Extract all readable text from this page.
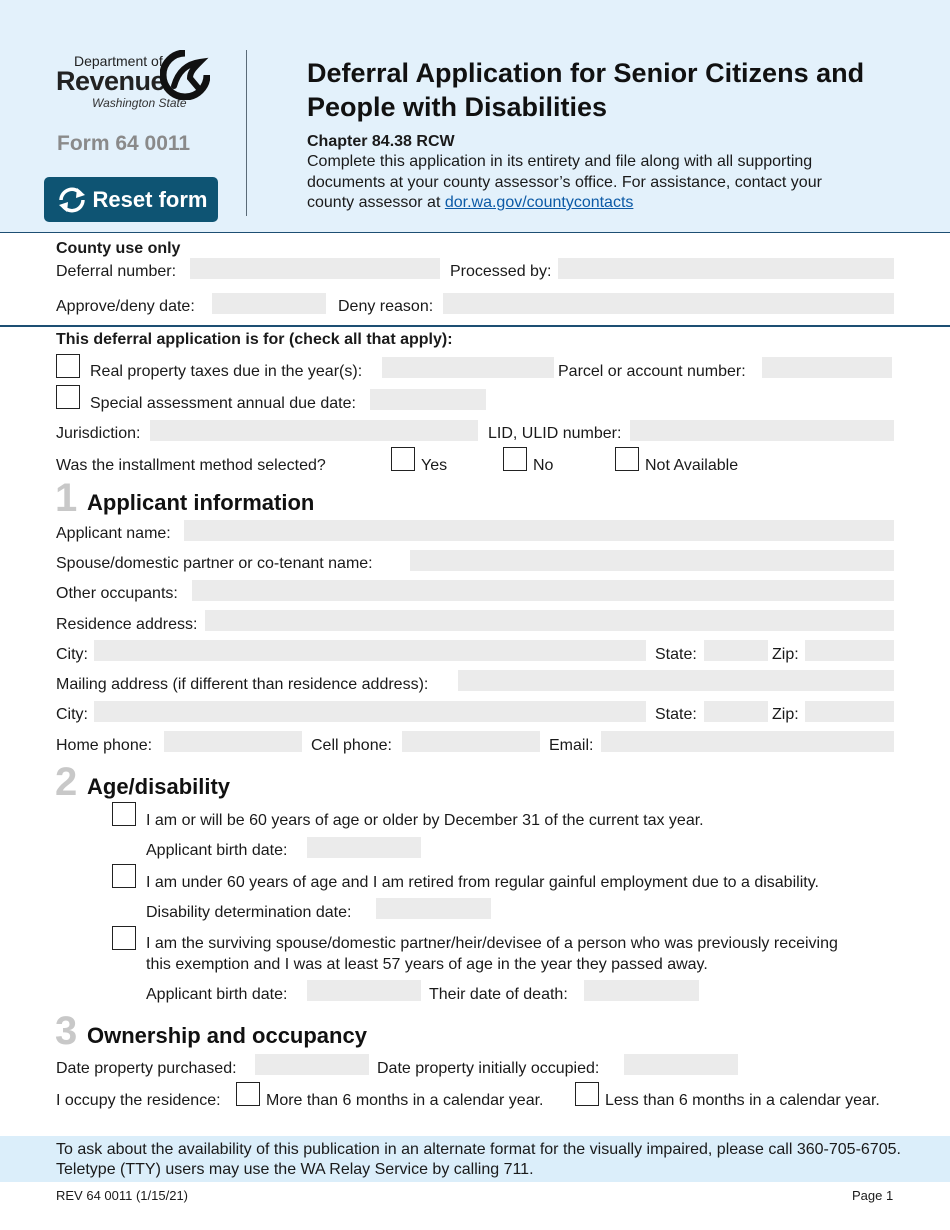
Department of
Revenue
Washington State
Form 64 0011
Reset form
Deferral Application for Senior Citizens and People with Disabilities
Chapter 84.38 RCW
Complete this application in its entirety and file along with all supporting documents at your county assessor’s office. For assistance, contact your county assessor at dor.wa.gov/countycontacts
County use only
Deferral number:	Processed by:
Approve/deny date:	Deny reason:
This deferral application is for (check all that apply):
Real property taxes due in the year(s):	Parcel or account number:
Special assessment annual due date:
Jurisdiction:	LID, ULID number:
Was the installment method selected?	Yes	No	Not Available
1 Applicant information
Applicant name:
Spouse/domestic partner or co-tenant name:
Other occupants:
Residence address:
City:	State:	Zip:
Mailing address (if different than residence address):
City:	State:	Zip:
Home phone:	Cell phone:	Email:
2 Age/disability
I am or will be 60 years of age or older by December 31 of the current tax year.
Applicant birth date:
I am under 60 years of age and I am retired from regular gainful employment due to a disability.
Disability determination date:
I am the surviving spouse/domestic partner/heir/devisee of a person who was previously receiving
this exemption and I was at least 57 years of age in the year they passed away.
Applicant birth date:	Their date of death:
3 Ownership and occupancy
Date property purchased:	Date property initially occupied:
I occupy the residence:	More than 6 months in a calendar year.	Less than 6 months in a calendar year.
To ask about the availability of this publication in an alternate format for the visually impaired, please call 360-705-6705. Teletype (TTY) users may use the WA Relay Service by calling 711.
REV 64 0011 (1/15/21)	Page 1
